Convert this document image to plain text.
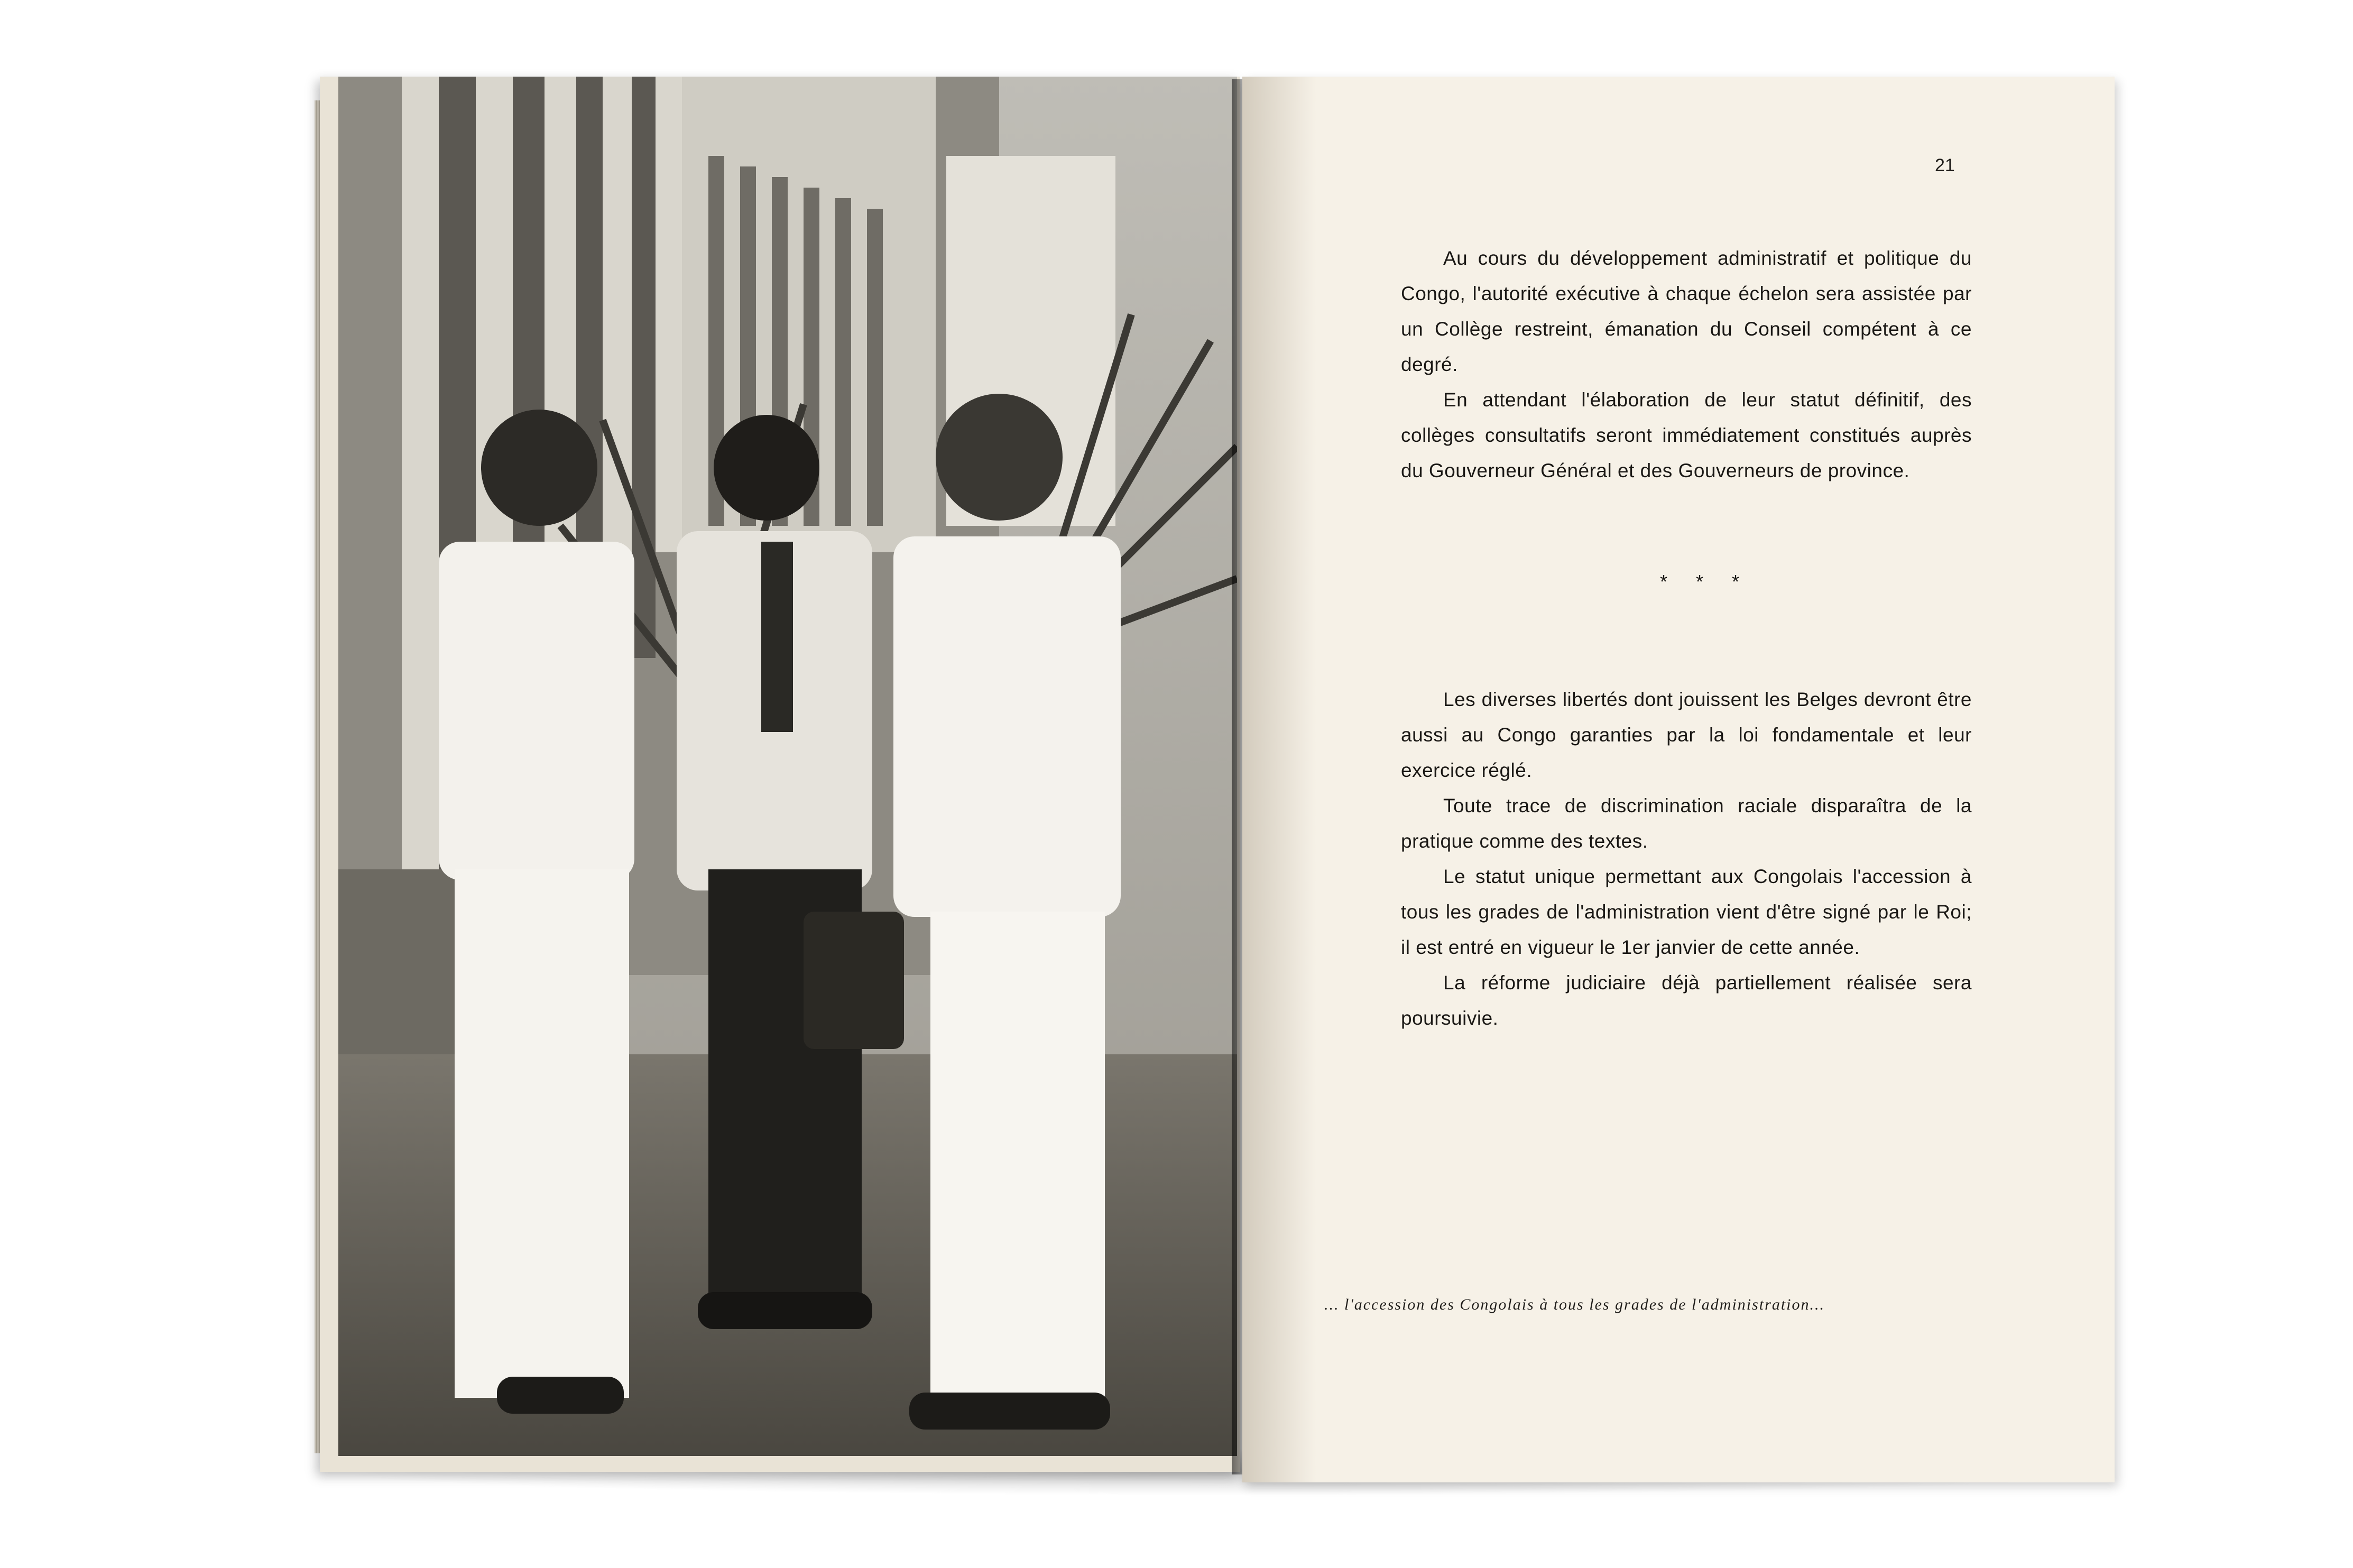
21

Au cours du développement administratif et politique du Congo, l'autorité exécutive à chaque échelon sera assistée par un Collège restreint, émanation du Conseil compétent à ce degré.

En attendant l'élaboration de leur statut définitif, des collèges consultatifs seront immédiatement constitués auprès du Gouverneur Général et des Gouverneurs de province.

* * *

Les diverses libertés dont jouissent les Belges devront être aussi au Congo garanties par la loi fondamentale et leur exercice réglé.

Toute trace de discrimination raciale disparaîtra de la pratique comme des textes.

Le statut unique permettant aux Congolais l'accession à tous les grades de l'administration vient d'être signé par le Roi; il est entré en vigueur le 1er janvier de cette année.

La réforme judiciaire déjà partiellement réalisée sera poursuivie.

... l'accession des Congolais à tous les grades de l'administration...
